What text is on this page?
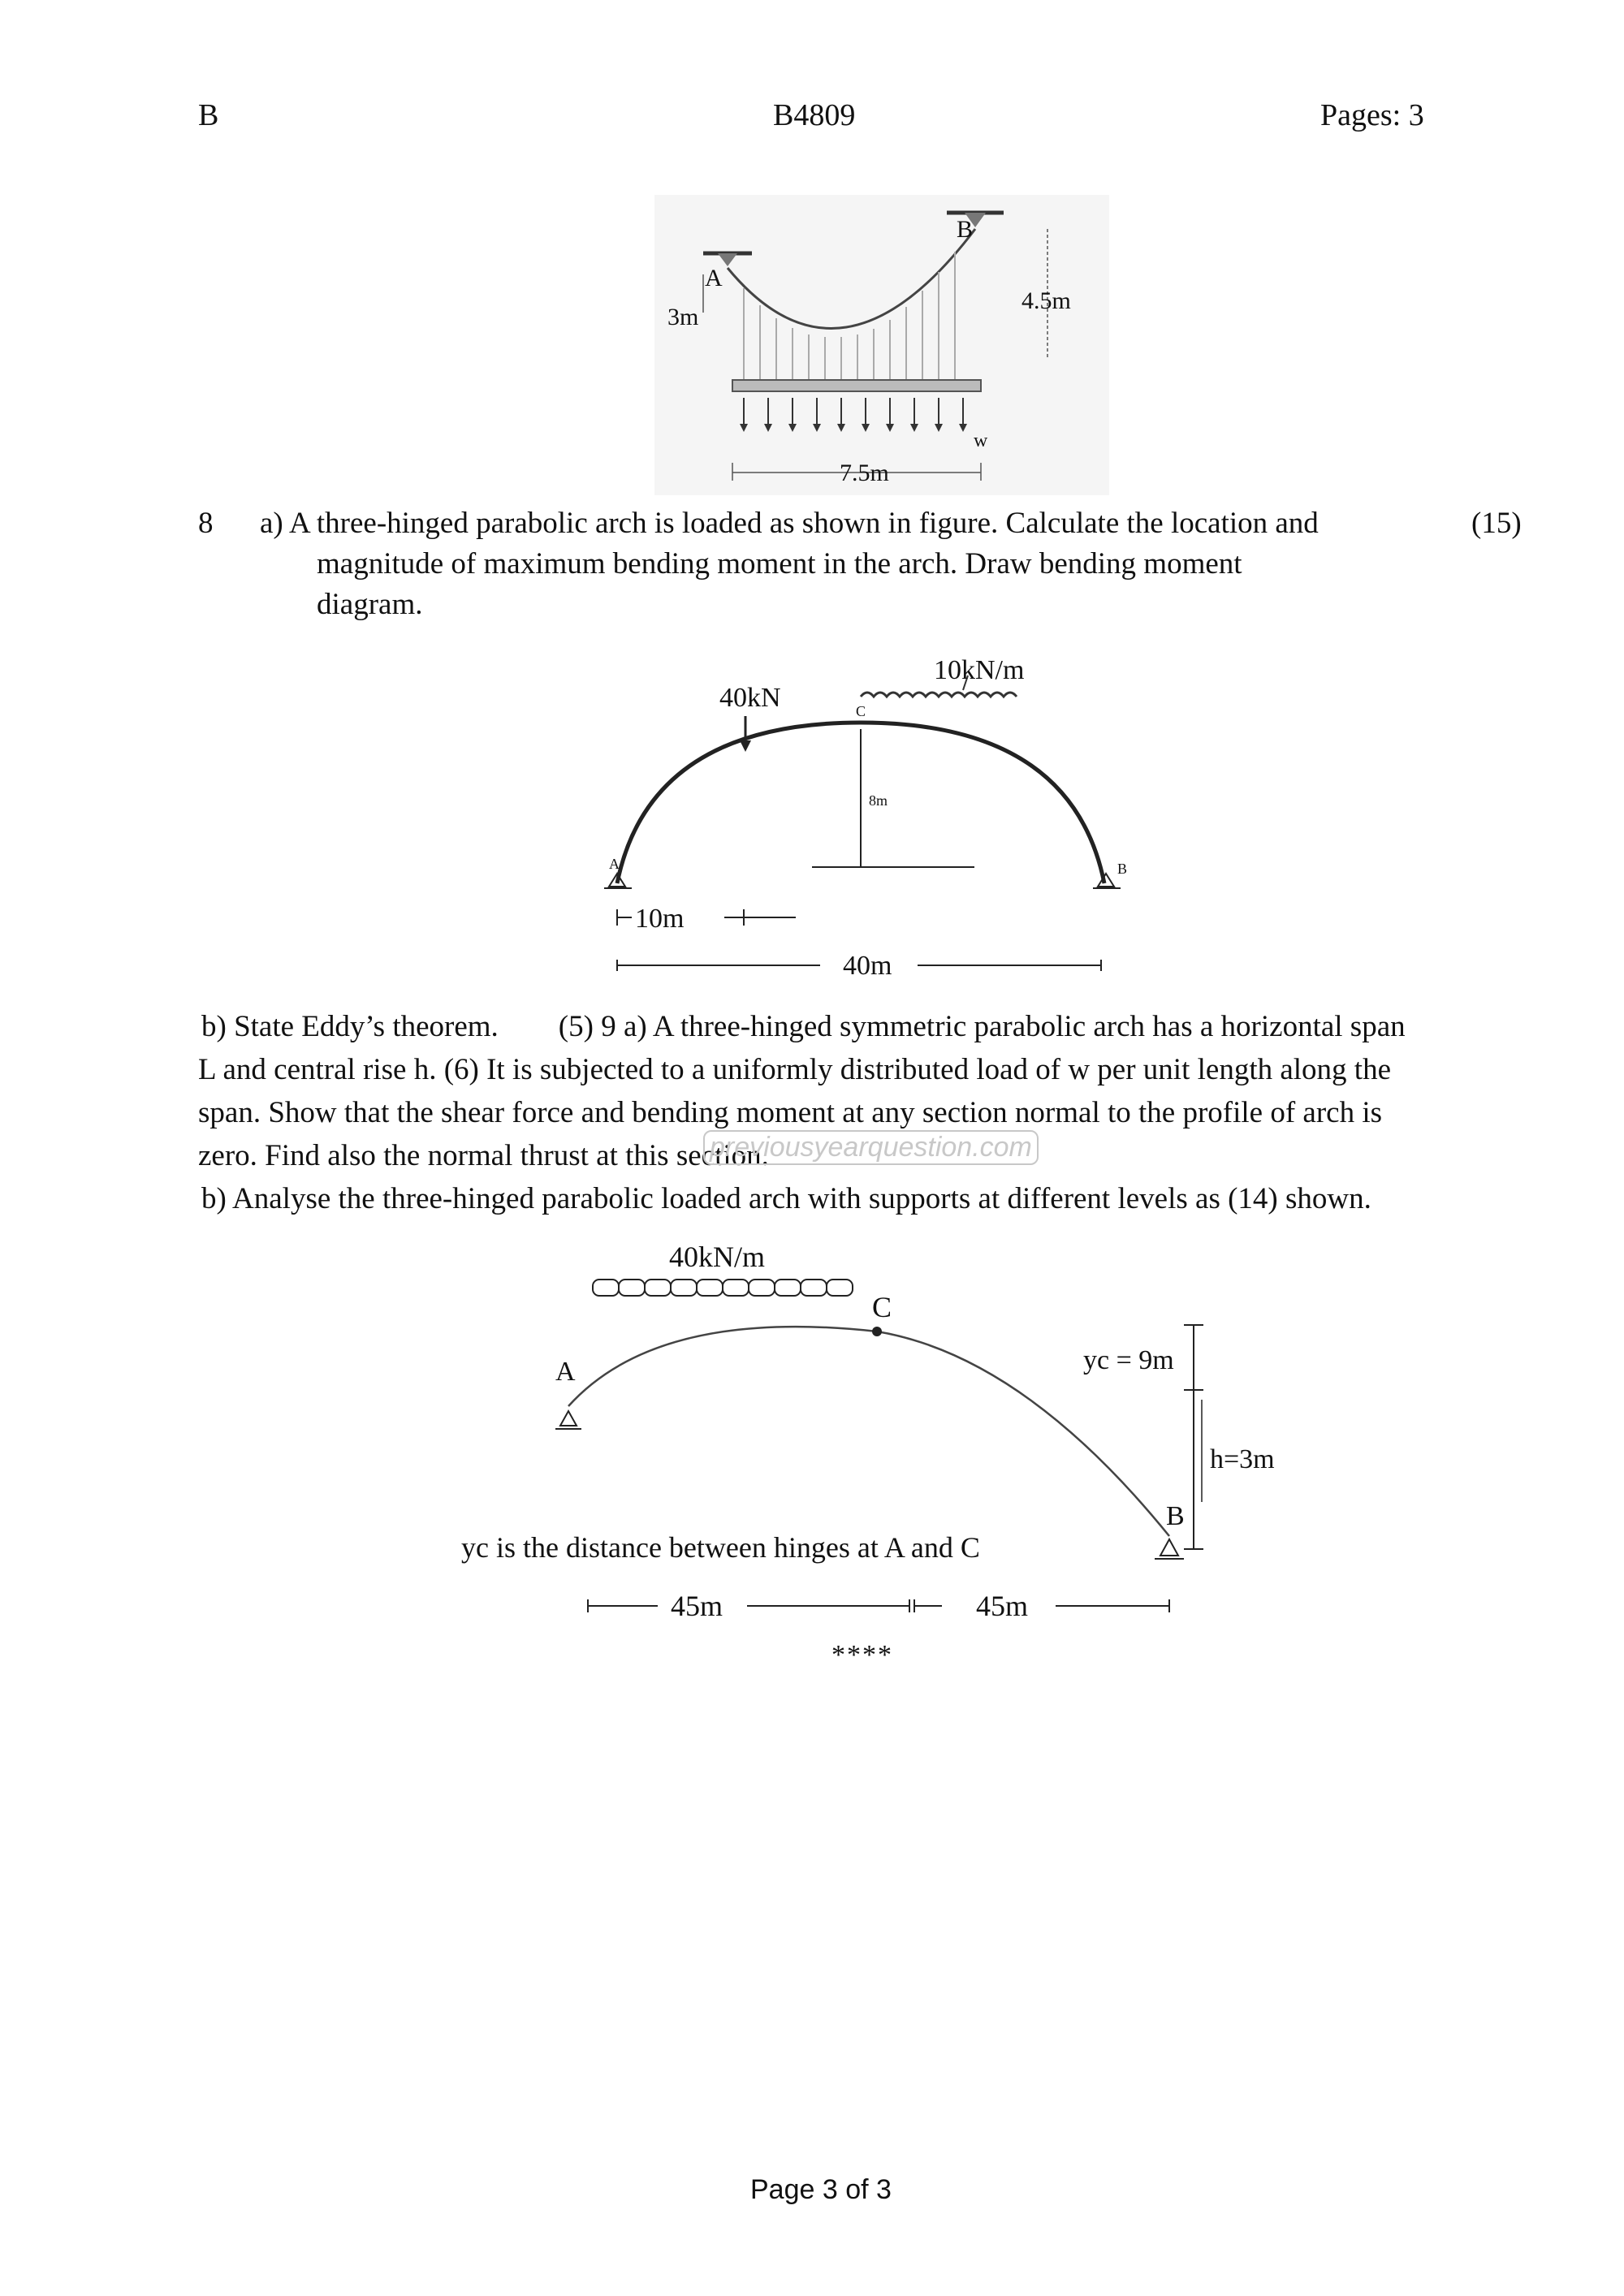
B	B4809	Pages: 3
A
B
3m
4.5m
w
7.5m
8 a) A three-hinged parabolic arch is loaded as shown in figure. Calculate the location and	(15)
magnitude of maximum bending moment in the arch. Draw bending moment
diagram.
10kN/m
40kN	C
8m
A	B
10m
40m
b) State Eddy’s theorem.        (5) 9 a) A three-hinged symmetric parabolic arch has a horizontal span
L and central rise h. (6) It is subjected to a uniformly distributed load of w per unit length along the
span. Show that the shear force and bending moment at any section normal to the profile of arch is
zero. Find also the normal thrust at this section.
previousyearquestion.com
b) Analyse the three-hinged parabolic loaded arch with supports at different levels as (14) shown.
40kN/m
C
A
B
yc = 9m
h=3m
yc is the distance between hinges at A and C
45m	45m
****
Page 3 of 3
